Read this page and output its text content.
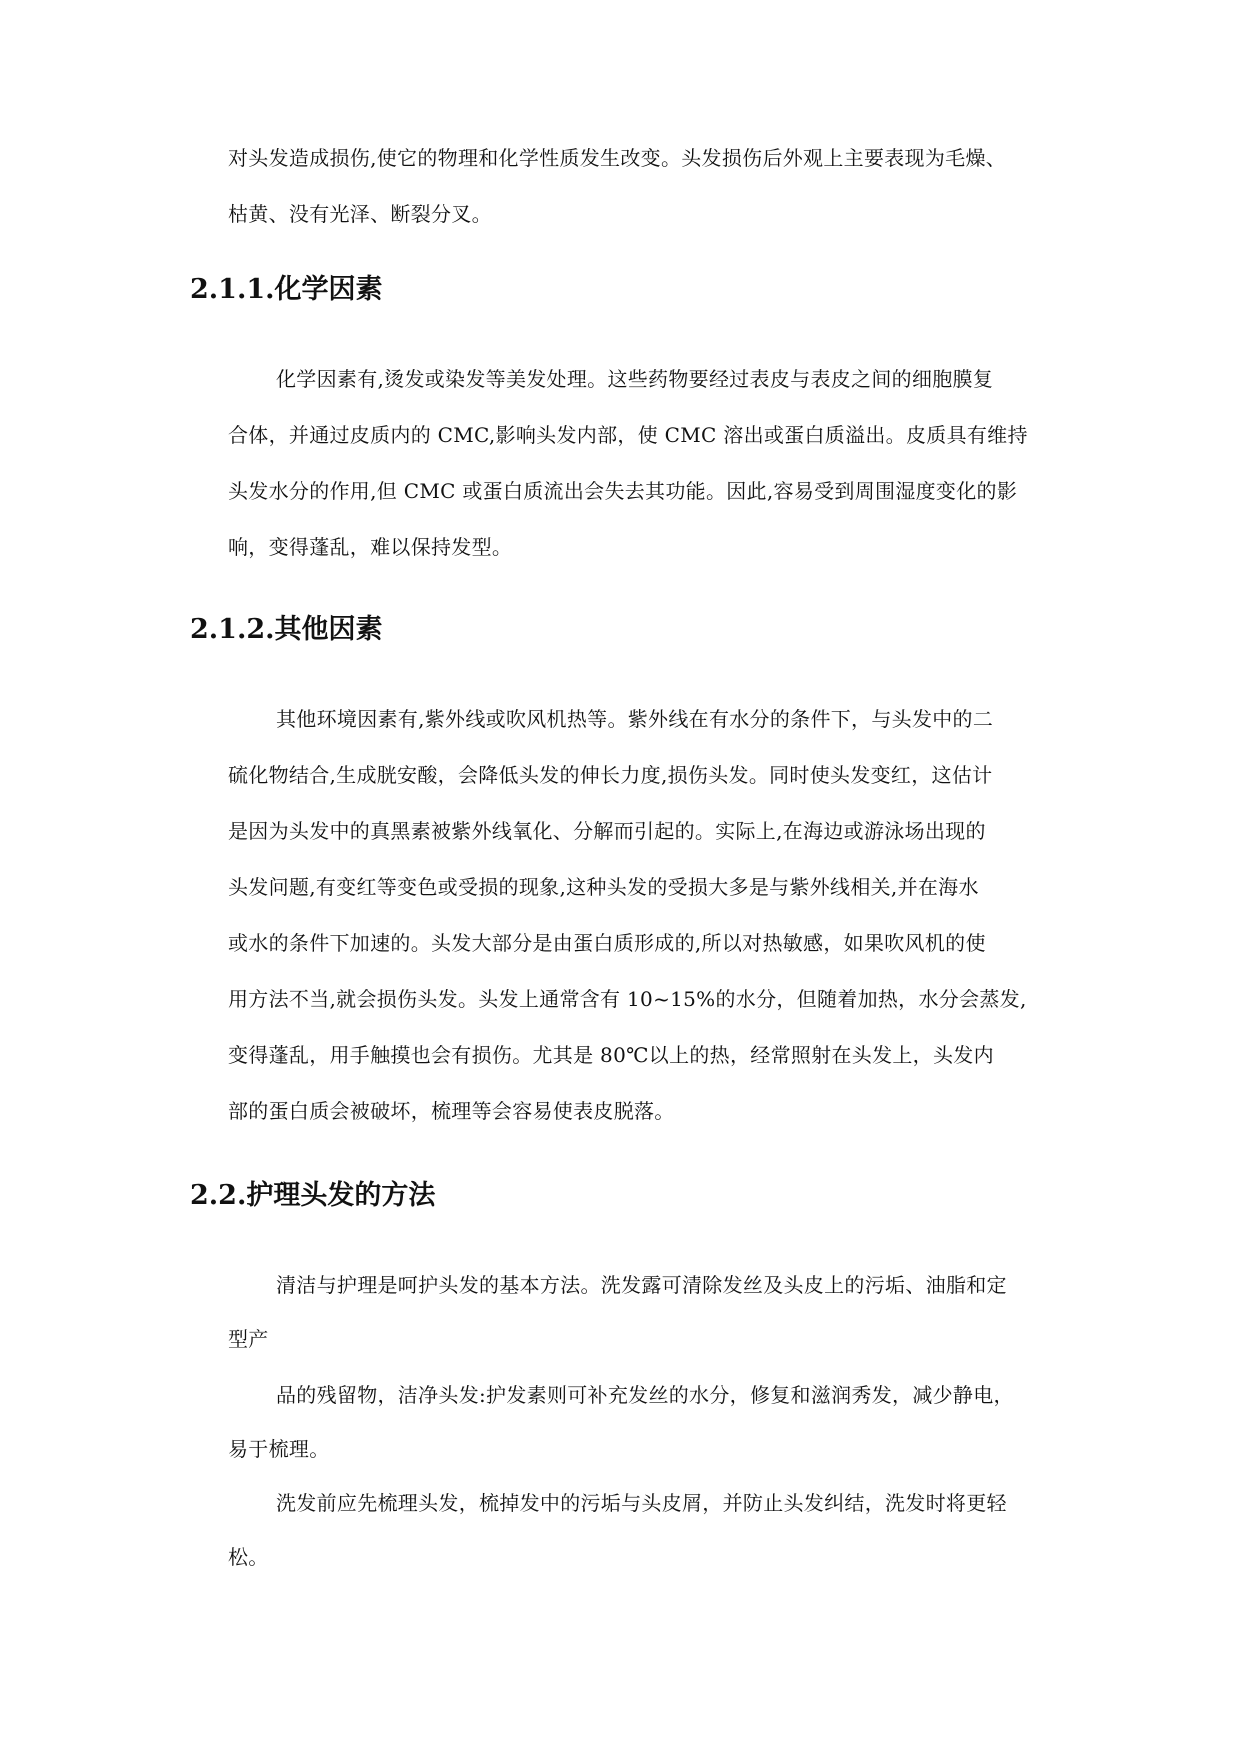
对头发造成损伤,使它的物理和化学性质发生改变。头发损伤后外观上主要表现为毛燥、
枯黄、没有光泽、断裂分叉。
2.1.1.化学因素
化学因素有,烫发或染发等美发处理。这些药物要经过表皮与表皮之间的细胞膜复
合体，并通过皮质内的 CMC,影响头发内部，使 CMC 溶出或蛋白质溢出。皮质具有维持
头发水分的作用,但 CMC 或蛋白质流出会失去其功能。因此,容易受到周围湿度变化的影
响，变得蓬乱，难以保持发型。
2.1.2.其他因素
其他环境因素有,紫外线或吹风机热等。紫外线在有水分的条件下，与头发中的二
硫化物结合,生成胱安酸，会降低头发的伸长力度,损伤头发。同时使头发变红，这估计
是因为头发中的真黑素被紫外线氧化、分解而引起的。实际上,在海边或游泳场出现的
头发问题,有变红等变色或受损的现象,这种头发的受损大多是与紫外线相关,并在海水
或水的条件下加速的。头发大部分是由蛋白质形成的,所以对热敏感，如果吹风机的使
用方法不当,就会损伤头发。头发上通常含有 10~15%的水分，但随着加热，水分会蒸发,
变得蓬乱，用手触摸也会有损伤。尤其是 80℃以上的热，经常照射在头发上，头发内
部的蛋白质会被破坏，梳理等会容易使表皮脱落。
2.2.护理头发的方法
清洁与护理是呵护头发的基本方法。洗发露可清除发丝及头皮上的污垢、油脂和定
型产
品的残留物，洁净头发:护发素则可补充发丝的水分，修复和滋润秀发，减少静电，
易于梳理。
洗发前应先梳理头发，梳掉发中的污垢与头皮屑，并防止头发纠结，洗发时将更轻
松。
